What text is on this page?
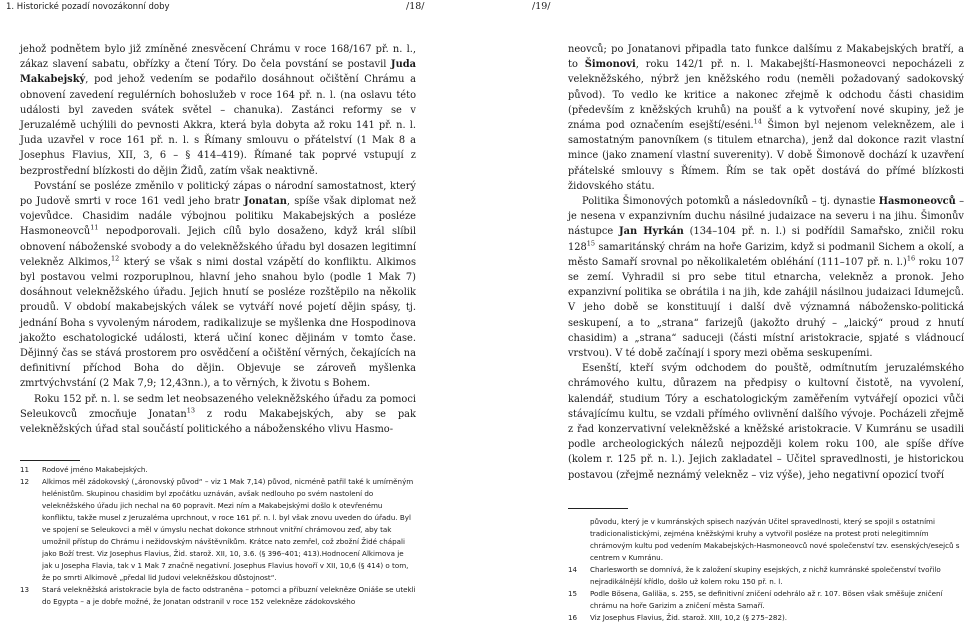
1. Historické pozadí novozákonní doby	/18/	/19/

jehož podnětem bylo již zmíněné znesvěcení Chrámu v roce 168/167 př. n. l., zákaz slavení sabatu, obřízky a čtení Tóry. Do čela povstání se postavil Juda Makabejský, pod jehož vedením se podařilo dosáhnout očištění Chrámu a obnovení zavedení regulérních bohoslužeb v roce 164 př. n. l. (na oslavu této události byl zaveden svátek světel – chanuka). Zastánci reformy se v Jeruzalémě uchýlili do pevnosti Akkra, která byla dobyta až roku 141 př. n. l. Juda uzavřel v roce 161 př. n. l. s Římany smlouvu o přátelství (1 Mak 8 a Josephus Flavius, XII, 3, 6 – § 414–419). Římané tak poprvé vstupují z bezprostřední blízkosti do dějin Židů, zatím však neaktivně.

Povstání se posléze změnilo v politický zápas o národní samostatnost, který po Judově smrti v roce 161 vedl jeho bratr Jonatan, spíše však diplomat než vojevůdce. Chasidim nadále výbojnou politiku Makabejských a posléze Hasmoneovců$^{11}$ nepodporovali. Jejich cílů bylo dosaženo, když král slíbil obnovení náboženské svobody a do velekněžského úřadu byl dosazen legitimní velekněz Alkimos,$^{12}$ který se však s nimi dostal vzápětí do konfliktu. Alkimos byl postavou velmi rozporuplnou, hlavní jeho snahou bylo (podle 1 Mak 7) dosáhnout velekněžského úřadu. Jejich hnutí se posléze rozštěpilo na několik proudů. V období makabejských válek se vytváří nové pojetí dějin spásy, tj. jednání Boha s vyvoleným národem, radikalizuje se myšlenka dne Hospodinova jakožto eschatologické události, která učiní konec dějinám v tomto čase. Dějinný čas se stává prostorem pro osvědčení a očištění věrných, čekajících na definitivní příchod Boha do dějin. Objevuje se zároveň myšlenka zmrtvýchvstání (2 Mak 7,9; 12,43nn.), a to věrných, k životu s Bohem.

Roku 152 př. n. l. se sedm let neobsazeného velekněžského úřadu za pomoci Seleukovců zmocňuje Jonatan$^{13}$ z rodu Makabejských, aby se pak velekněžských úřad stal součástí politického a náboženského vlivu Hasmo-

11	Rodové jméno Makabejských.
12	Alkimos měl zádokovský („áronovský původ“ – viz 1 Mak 7,14) původ, nicméně patřil také k umírněným helénistům. Skupinou chasidim byl zpočátku uznáván, avšak nedlouho po svém nastolení do velekněžského úřadu jich nechal na 60 popravit. Mezi ním a Makabejskými došlo k otevřenému konfliktu, takže musel z Jeruzaléma uprchnout, v roce 161 př. n. l. byl však znovu uveden do úřadu. Byl ve spojení se Seleukovci a měl v úmyslu nechat dokonce strhnout vnitřní chrámovou zeď, aby tak umožnil přístup do Chrámu i nežidovským návštěvníkům. Krátce nato zemřel, což zbožní Židé chápali jako Boží trest. Viz Josephus Flavius, Žid. starož. XII, 10, 3.6. (§ 396–401; 413).Hodnocení Alkimova je jak u Josepha Flavia, tak v 1 Mak 7 značně negativní. Josephus Flavius hovoří v XII, 10,6 (§ 414) o tom, že po smrti Alkimově „předal lid Judovi velekněžskou důstojnost“.
13	Stará velekněžská aristokracie byla de facto odstraněna – potomci a příbuzní velekněze Oniáše se utekli do Egypta – a je dobře možné, že Jonatan odstranil v roce 152 velekněze zádokovského

neovců; po Jonatanovi připadla tato funkce dalšímu z Makabejských bratří, a to Šimonovi, roku 142/1 př. n. l. Makabejští-Hasmoneovci nepocházeli z velekněžského, nýbrž jen kněžského rodu (neměli požadovaný sadokovský původ). To vedlo ke kritice a nakonec zřejmě k odchodu části chasidim (především z kněžských kruhů) na poušť a k vytvoření nové skupiny, jež je známa pod označením esejští/eséni.$^{14}$ Šimon byl nejenom veleknězem, ale i samostatným panovníkem (s titulem etnarcha), jenž dal dokonce razit vlastní mince (jako znamení vlastní suverenity). V době Šimonově dochází k uzavření přátelské smlouvy s Římem. Řím se tak opět dostává do přímé blízkosti židovského státu.

Politika Šimonových potomků a následovníků – tj. dynastie Hasmoneovců – je nesena v expanzivním duchu násilné judaizace na severu i na jihu. Šimonův nástupce Jan Hyrkán (134–104 př. n. l.) si podřídil Samařsko, zničil roku $128^{15}$ samaritánský chrám na hoře Garizim, když si podmanil Sichem a okolí, a město Samaří srovnal po několikaletém obléhání (111–107 př. n. l.)$^{16}$ roku 107 se zemí. Vyhradil si pro sebe titul etnarcha, velekněz a pronok. Jeho expanzivní politika se obrátila i na jih, kde zahájil násilnou judaizaci Idumejců. V jeho době se konstituují i další dvě významná nábožensko-politická seskupení, a to „strana“ farizejů (jakožto druhý – „laický“ proud z hnutí chasidim) a „strana“ saduceji (části místní aristokracie, spjaté s vládnoucí vrstvou). V té době začínají i spory mezi oběma seskupeními.

Esenští, kteří svým odchodem do pouště, odmítnutím jeruzalémského chrámového kultu, důrazem na předpisy o kultovní čistotě, na vyvolení, kalendář, studium Tóry a eschatologickým zaměřením vytvářejí opozici vůči stávajícímu kultu, se vzdali přímého ovlivnění dalšího vývoje. Pocházeli zřejmě z řad konzervativní velekněžské a kněžské aristokracie. V Kumránu se usadili podle archeologických nálezů nejpozději kolem roku 100, ale spíše dříve (kolem r. 125 př. n. l.). Jejich zakladatel – Učitel spravedlnosti, je historickou postavou (zřejmě neznámý velekněz – viz výše), jeho negativní opozicí tvoří

původu, který je v kumránských spisech nazýván Učitel spravedlnosti, který se spojil s ostatními tradicionalistickými, zejména kněžskými kruhy a vytvořil posléze na protest proti nelegitimním chrámovým kultu pod vedením Makabejských-Hasmoneovců nové společenství tzv. esenských/esejců s centrem v Kumránu.
14	Charlesworth se domnívá, že k založení skupiny esejských, z nichž kumránské společenství tvořilo nejradikálnější křídlo, došlo už kolem roku 150 př. n. l.
15	Podle Bösena, Galiläa, s. 255, se definitivní zničení odehrálo až r. 107. Bösen však směšuje zničení chrámu na hoře Garizim a zničení města Samaří.
16	Viz Josephus Flavius, Žid. starož. XIII, 10,2 (§ 275–282).
